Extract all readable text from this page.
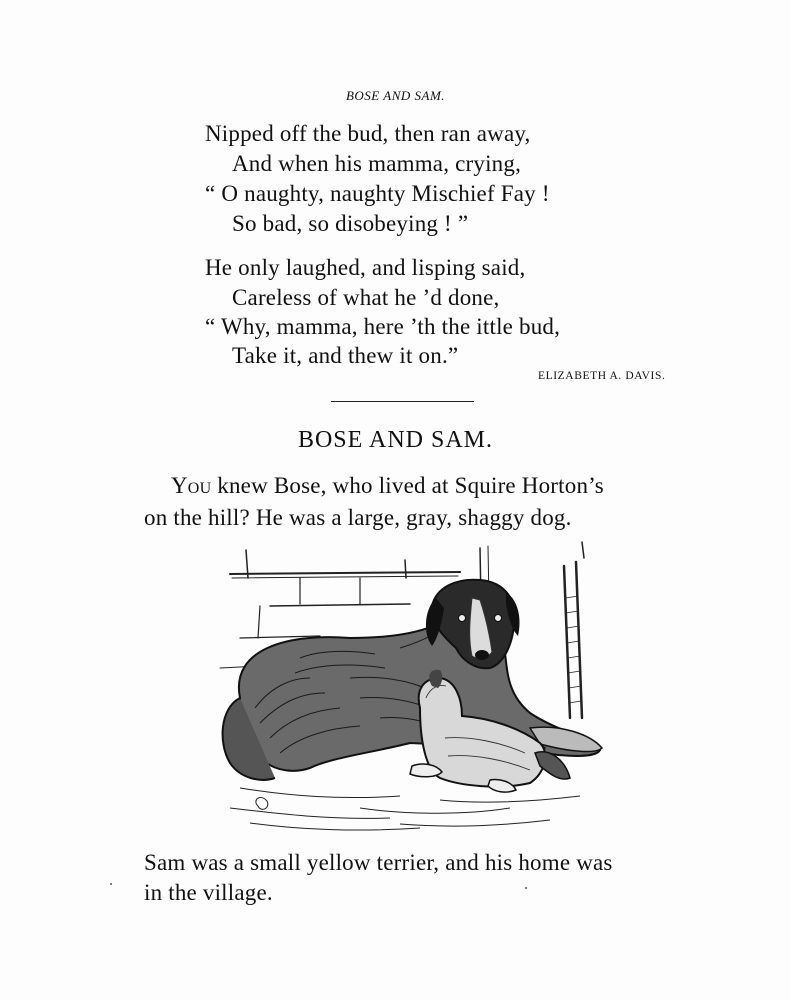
BOSE AND SAM.
Nipped off the bud, then ran away,
And when his mamma, crying,
“ O naughty, naughty Mischief Fay !
So bad, so disobeying ! ”
He only laughed, and lisping said,
Careless of what he ’d done,
“ Why, mamma, here ’th the ittle bud,
Take it, and thew it on.”
ELIZABETH A. DAVIS.
BOSE AND SAM.
You knew Bose, who lived at Squire Horton’s
on the hill? He was a large, gray, shaggy dog.
Sam was a small yellow terrier, and his home was
in the village.
